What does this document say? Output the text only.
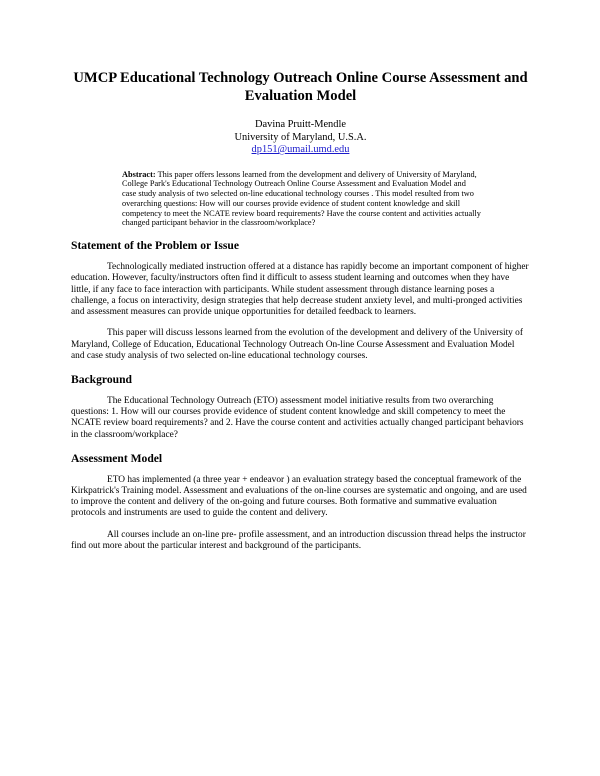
UMCP Educational Technology Outreach Online Course Assessment and Evaluation Model
Davina Pruitt-Mendle
University of Maryland, U.S.A.
dp151@umail.umd.edu
Abstract: This paper offers lessons learned from the development and delivery of University of Maryland, College Park's Educational Technology Outreach Online Course Assessment and Evaluation Model and case study analysis of two selected on-line educational technology courses . This model resulted from two overarching questions: How will our courses provide evidence of student content knowledge and skill competency to meet the NCATE review board requirements? Have the course content and activities actually changed participant behavior in the classroom/workplace?
Statement of the Problem or Issue

Technologically mediated instruction offered at a distance has rapidly become an important component of higher education. However, faculty/instructors often find it difficult to assess student learning and outcomes when they have little, if any face to face interaction with participants. While student assessment through distance learning poses a challenge, a focus on interactivity, design strategies that help decrease student anxiety level, and multi-pronged activities and assessment measures can provide unique opportunities for detailed feedback to learners.

This paper will discuss lessons learned from the evolution of the development and delivery of the University of Maryland, College of Education, Educational Technology Outreach On-line Course Assessment and Evaluation Model and case study analysis of two selected on-line educational technology courses.

Background

The Educational Technology Outreach (ETO) assessment model initiative results from two overarching questions: 1. How will our courses provide evidence of student content knowledge and skill competency to meet the NCATE review board requirements? and 2. Have the course content and activities actually changed participant behaviors in the classroom/workplace?

Assessment Model

ETO has implemented (a three year + endeavor ) an evaluation strategy based the conceptual framework of the Kirkpatrick's Training model. Assessment and evaluations of the on-line courses are systematic and ongoing, and are used to improve the content and delivery of the on-going and future courses. Both formative and summative evaluation protocols and instruments are used to guide the content and delivery.

All courses include an on-line pre- profile assessment, and an introduction discussion thread helps the instructor find out more about the particular interest and background of the participants.
